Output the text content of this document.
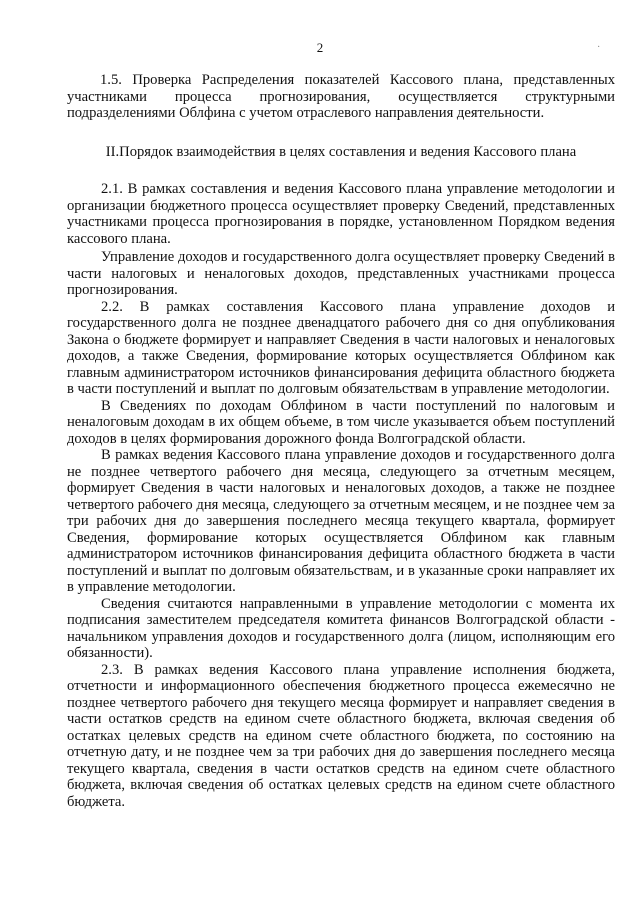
2	·

1.5. Проверка Распределения показателей Кассового плана, представленных участниками процесса прогнозирования, осуществляется структурными подразделениями Облфина с учетом отраслевого направления деятельности.

II.Порядок взаимодействия в целях составления и ведения Кассового плана

2.1. В рамках составления и ведения Кассового плана управление методологии и организации бюджетного процесса осуществляет проверку Сведений, представленных участниками процесса прогнозирования в порядке, установленном Порядком ведения кассового плана.

Управление доходов и государственного долга осуществляет проверку Сведений в части налоговых и неналоговых доходов, представленных участниками процесса прогнозирования.

2.2. В рамках составления Кассового плана управление доходов и государственного долга не позднее двенадцатого рабочего дня со дня опубликования Закона о бюджете формирует и направляет Сведения в части налоговых и неналоговых доходов, а также Сведения, формирование которых осуществляется Облфином как главным администратором источников финансирования дефицита областного бюджета в части поступлений и выплат по долговым обязательствам в управление методологии.

В Сведениях по доходам Облфином в части поступлений по налоговым и неналоговым доходам в их общем объеме, в том числе указывается объем поступлений доходов в целях формирования дорожного фонда Волгоградской области.

В рамках ведения Кассового плана управление доходов и государственного долга не позднее четвертого рабочего дня месяца, следующего за отчетным месяцем, формирует Сведения в части налоговых и неналоговых доходов, а также не позднее четвертого рабочего дня месяца, следующего за отчетным месяцем, и не позднее чем за три рабочих дня до завершения последнего месяца текущего квартала, формирует Сведения, формирование которых осуществляется Облфином как главным администратором источников финансирования дефицита областного бюджета в части поступлений и выплат по долговым обязательствам, и в указанные сроки направляет их в управление методологии.

Сведения считаются направленными в управление методологии с момента их подписания заместителем председателя комитета финансов Волгоградской области - начальником управления доходов и государственного долга (лицом, исполняющим его обязанности).

2.3. В рамках ведения Кассового плана управление исполнения бюджета, отчетности и информационного обеспечения бюджетного процесса ежемесячно не позднее четвертого рабочего дня текущего месяца формирует и направляет сведения в части остатков средств на едином счете областного бюджета, включая сведения об остатках целевых средств на едином счете областного бюджета, по состоянию на отчетную дату, и не позднее чем за три рабочих дня до завершения последнего месяца текущего квартала, сведения в части остатков средств на едином счете областного бюджета, включая сведения об остатках целевых средств на едином счете областного бюджета.
